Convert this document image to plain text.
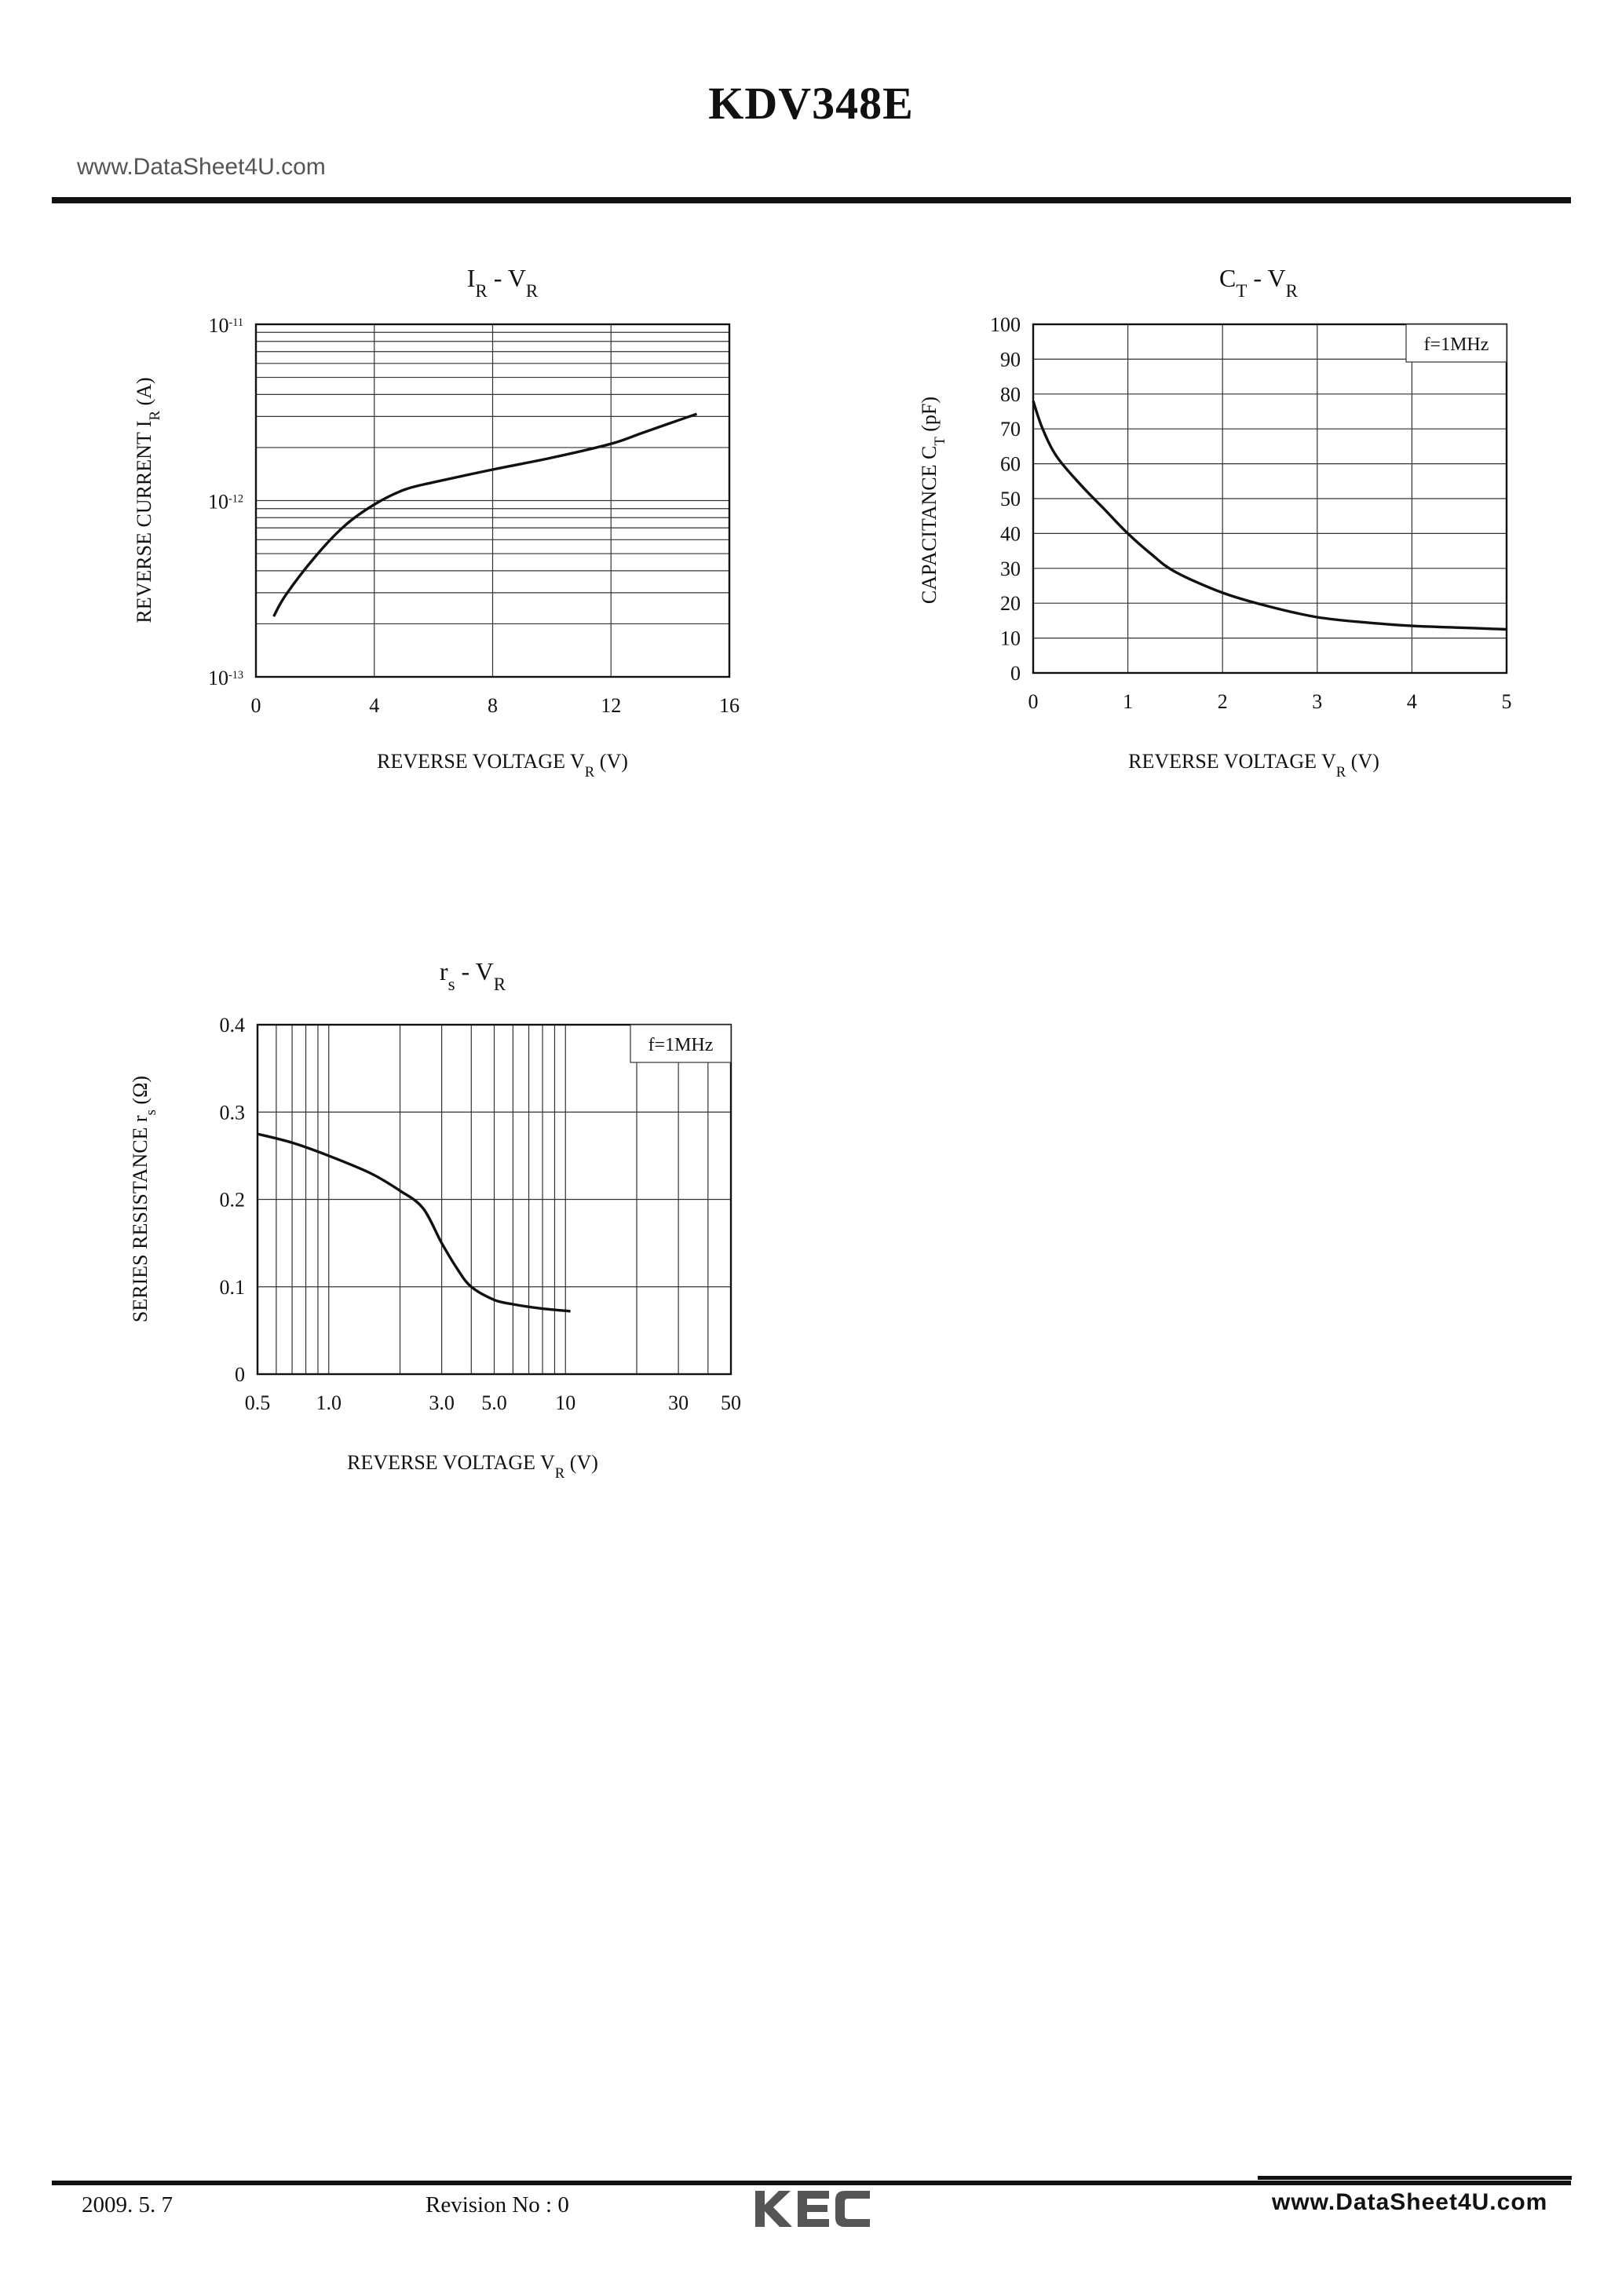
KDV348E
www.DataSheet4U.com
0	4	8	12	16
$10^{-13}$
$10^{-12}$
$10^{-11}$
$I_R - V_R$
REVERSE VOLTAGE $V_R$ (V)
REVERSE CURRENT $I_R$ (A)
f=1MHz
0	1	2	3	4	5
0
10
20
30
40
50
60
70
80
90
100
$C_T - V_R$
REVERSE VOLTAGE $V_R$ (V)
CAPACITANCE $C_T$ (pF)
f=1MHz
0.5 1.0	3.0 5.0 10	30 50
0
0.1
0.2
0.3
0.4
$r_s - V_R$
REVERSE VOLTAGE $V_R$ (V)
SERIES RESISTANCE $r_s$ (Ω)
2009. 5. 7	Revision No : 0	www.DataSheet4U.com
